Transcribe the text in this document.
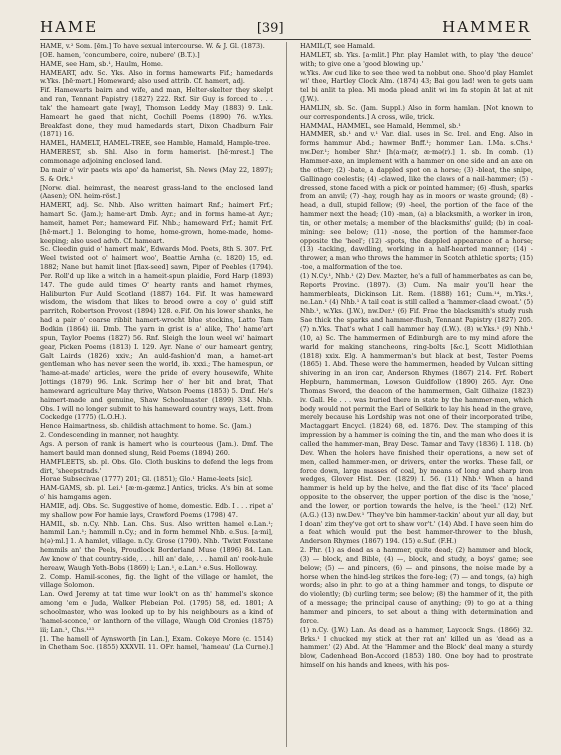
HAME	[39]	HAMMER

HAME, v.² Som. [ēm.] To have sexual intercourse. W. & J. Gl. (1873).

[OE. hamen, 'concumbere, coire, nubere' (B.T.).]

HAME, see Ham, sb.¹, Haulm, Home.

HAMEART, adv. Sc. Yks. Also in forms hamewarts Fif.; hamedards w.Yks. [hē·mərt.] Homeward; also used attrib. Cf. hamert, adj.

Fif. Hamewarts bairn and wife, and man, Helter-skelter they skelpt and ran, Tennant Papistry (1827) 222. Rxf. Sir Guy is forced to . . . tak' the hameart gate [way], Thomson Leddy May (1883) 9. Lnk. Hameart he gaed that nicht, Cochill Poems (1890) 76. w.Yks. Breakfast done, they mud hamedards start, Dixon Chadburn Fair (1871) 16.

HAMEL, HAMELT, HAMEL-TREE, see Hamble, Hamald, Hample-tree.

HAMEREST, sb. Shl. Also in form hamerist. [hē·mrest.] The commonage adjoining enclosed land.

Da mair o' wir paets wis apo' da hamerist, Sh. News (May 22, 1897); S. & Ork.¹

[Norw. dial. heimrast, the nearest grass-land to the enclosed land (Aasen); ON. heim-röst.]

HAMERT, adj. Sc. Nhb. Also written haimart Rnf.; haimert Frf.; hamart Sc. (Jam.); hame·art Dmb. Ayr.; and in forms hame-at Ayr.; hameit, hamet Per.; hameward Fif. Nhb.; hameward Frf.; hamit Frf. [hē·mərt.] 1. Belonging to home, home-grown, home-made, home-keeping; also used advb. Cf. hameart.

Sc. Cleedin guid o' hamert mak', Edwards Mod. Poets, 8th S. 307. Frf. Weel twisted oot o' haimert woo', Beattie Arnha (c. 1820) 15, ed. 1882; Nane but hamit linet [flax-seed] sawn, Piper of Peebles (1794). Per. Roll'd up like a witch in a hameit-spun plaidie, Ford Harp (1893) 147. The gude auld times O' hearty rants and hamet rhymes, Haliburton Fur Auld Scotland (1887) 164. Fif. It was hameward wisdom, the wisdom that likes to brood owre a coy o' guid stiff parritch, Robertson Provost (1894) 128. e.Fif. On his lower shanks, he had a pair o' coarse ribbit hamert-wrocht blue stockins, Latto Tam Bodkin (1864) iii. Dmb. The yarn in grist is a' alike, Tho' hame'art spun, Taylor Poems (1827) 56. Rnf. Sleigh the loun weel wi' haimart gear, Picken Poems (1813) I. 129. Ayr. Nane o' our hameart gentry, Galt Lairds (1826) xxiv.; An auld-fashion'd man, a hamet-art gentleman who has never seen the world, ib. xxxi.; The hamespun, or 'hame-at-made' articles, were the pride of every housewife, White Jottings (1879) 96. Lnk. Scrimp her o' her bit and brat, That hameward agriculture May thrive, Watson Poems (1853) 5. Dmf. He's haimert-made and genuine, Shaw Schoolmaster (1899) 334. Nhb. Obs. I will no longer submit to his hameward country ways, Lett. from Cockedge (1775) (L.O.H.).

Hence Haimartness, sb. childish attachment to home. Sc. (Jam.)

2. Condescending in manner, not haughty.

Ags. A person of rank is hamert who is courteous (Jam.). Dmf. The hamert bauld man donned slung, Reid Poems (1894) 260.

HAMFLEETS, sb. pl. Obs. Glo. Cloth buskins to defend the legs from dirt, 'sheepstrads.'

Horae Subsecivae (1777) 201; Gl. (1851); Glo.¹ Hame-leets [sic].

HAM-GAMS, sb. pl. Lei.¹ [æ·m-gæmz.] Antics, tricks. A's bin at some o' his hamgams agen.

HAMIE, adj. Obs. Sc. Suggestive of home, domestic. Edb. I . . . ripet a' my shallow pow For hamie lays, Crawford Poems (1798) 47.

HAMIL, sb. n.Cy. Nhb. Lan. Chs. Sus. Also written hamel e.Lan.¹; hammil Lan.¹; hammill n.Cy.; and in form hemmel Nhb. e.Sus. [a·mi], h(ə)·ml.] 1. A hamlet, village. n.Cy. Grose (1790). Nhb. 'Twixt Foxstane hemmils an' the Peels, Proudlock Borderland Muse (1896) 84. Lan. Aw know o' that country-side, . . . hill an' dale, . . . hamil an' rook-hule hereaw, Waugh Yeth-Bobs (1869) i; Lan.¹, e.Lan.¹ e.Sus. Holloway.

2. Comp. Hamil-scones, fig. the light of the village or hamlet, the village Solomon.

Lan. Owd Jeremy at tat time wur look't on as th' hammel's skonce among 'em e Juda, Walker Plebeian Pol. (1795) 58, ed. 1801; A schoolmaster, who was looked up to by his neighbours as a kind of 'hamel-sconce,' or lanthorn of the village, Waugh Old Cronies (1875) iii; Lan.¹, Chs.¹²³

[1. The hamell of Aynsworth [in Lan.], Exam. Cokeye More (c. 1514) in Chetham Soc. (1855) XXXVII. 11. OFr. hamel, 'hameau' (La Curne).]

HAMIL(T, see Hamald.

HAMLET, sb. Yks. [a·mlit.] Phr. play Hamlet with, to play 'the deuce' with; to give one a 'good blowing up.'

w.Yks. Aw cud like to see thee wed ta nobbut one. Shoo'd play Hamlet wi' thee, Hartley Clock Alm. (1874) 43; Bai gou lad! wen te gets uam tel bi anlit ta plea. Mi moda plead anlit wi im fa stopin ăt lat at nit (J.W.).

HAMLIN, sb. Sc. (Jam. Suppl.) Also in form hamlan. [Not known to our correspondents.] A cross, wile, trick.

HAMMAL, HAMMEL, see Hamald, Hemmel, sb.¹

HAMMER, sb.¹ and v.¹ Var. dial. uses in Sc. Irel. and Eng. Also in forms hammur Abd.; hawmer Bnff.¹; hommer Lan. I.Ma. s.Chs.¹ nw.Der.¹; homber Shr.¹ [h(a·mə(r, æ·mə(r).] 1. sb. In comb. (1) Hammer-axe, an implement with a hammer on one side and an axe on the other; (2) -bate, a dappled spot on a horse; (3) -bleat, the snipe, Gallinago coelestis; (4) -clawed, like the claws of a nail-hammer; (5) -dressed, stone faced with a pick or pointed hammer; (6) -flush, sparks from an anvil; (7) -hay, rough hay as in moors or waste ground; (8) -head, a dull, stupid fellow; (9) -heel, the portion of the face of the hammer next the head; (10) -man, (a) a blacksmith, a worker in iron, tin, or other metals; a member of the blacksmiths' guild; (b) in coal-mining: see below; (11) -nose, the portion of the hammer-face opposite the 'heel'; (12) -spots, the dappled appearance of a horse; (13) -tacking, dawdling, working in a half-hearted manner; (14) -thrower, a man who throws the hammer in Scotch athletic sports; (15) -toe, a malformation of the toe.

(1) N.Cy.¹, Nhb.¹ (2) Dev. Mazter, he's a full of hammerbates as can be, Reports Provinc. (1897). (3) Cum. Na mair you'll hear the hammerbleats, Dickinson Lit. Rem. (1888) 161; Cum.¹⁴, m.Yks.¹, ne.Lan.¹ (4) Nhb.¹ A tail coat is still called a 'hammer-claad cwoat.' (5) Nhb.¹, w.Yks. (J.W.), nw.Der.¹ (6) Fif. Frae the blacksmith's study rush Sae thick the sparks and hammer-flush, Tennant Papistry (1827) 205. (7) n.Yks. That's what I call hammer hay (I.W.). (8) w.Yks.¹ (9) Nhb.¹ (10, a) Sc. The hammermen of Edinburgh are to my mind afore the warld for making stancheons, ring-bolts [&c.], Scott Midlothian (1818) xxix. Elg. A hammerman's but black at best, Tester Poems (1865) 1. Abd. These were the hammermen, headed by Vulcan sitting shivering in an iron car, Anderson Rhymes (1867) 214. Frf. Robert Hepburn, hammerman, Lowson Guidfollow (1890) 265. Ayr. One Thomas Sword, the deacon of the hammermen, Galt Gilhaize (1823) iv. Gall. He . . . was buried there in state by the hammer-men, which body would not permit the Earl of Selkirk to lay his head in the grave, merely because his Lordship was not one of their incorporated tribe, Mactaggart Encycl. (1824) 68, ed. 1876. Dev. The stamping of this impression by a hammer is coining the tin, and the man who does it is called the hammer-man, Bray Desc. Tamar and Tavy (1836) I. 118. (b) Dev. When the holers have finished their operations, a new set of men, called hammer-men, or drivers, enter the works. These fall, or force down, large masses of coal, by means of long and sharp iron wedges, Glover Hist. Der. (1829) I. 56. (11) Nhb.¹ When a hand hammer is held up by the helve, and the flat disc of its 'face' placed opposite to the observer, the upper portion of the disc is the 'nose,' and the lower, or portion towards the helve, is the 'heel.' (12) Nrf. (A.G.) (13) nw.Dev.¹ 'They've bin hammer-tackin' about yur all day, but I doan' zim they've got ort to shaw vor't.' (14) Abd. I have seen him do a feat which would put the best hammer-thrower to the blush, Anderson Rhymes (1867) 194. (15) e.Suf. (F.H.)

2. Phr. (1) as dead as a hammer, quite dead; (2) hammer and block, (3) — block, and Bible, (4) —, block, and study, a boys' game; see below; (5) — and pincers, (6) — and pinsons, the noise made by a horse when the hind-leg strikes the fore-leg; (7) — and tongs, (a) high words; also in phr. to go at a thing hammer and tongs, to dispute or do violently; (b) curling term; see below; (8) the hammer of it, the pith of a message; the principal cause of anything; (9) to go at a thing hammer and pincers, to set about a thing with determination and force.

(1) n.Cy. (J.W.) Lan. As dead as a hammer, Laycock Sngs. (1866) 32. Brks.¹ I chucked my stick at ther rat an' killed un as 'dead as a hammer.' (2) Abd. At the 'Hammer and the Block' deal many a sturdy blow, Cadenhead Bon-Accord (1853) 180. One boy had to prostrate himself on his hands and knees, with his pos-
